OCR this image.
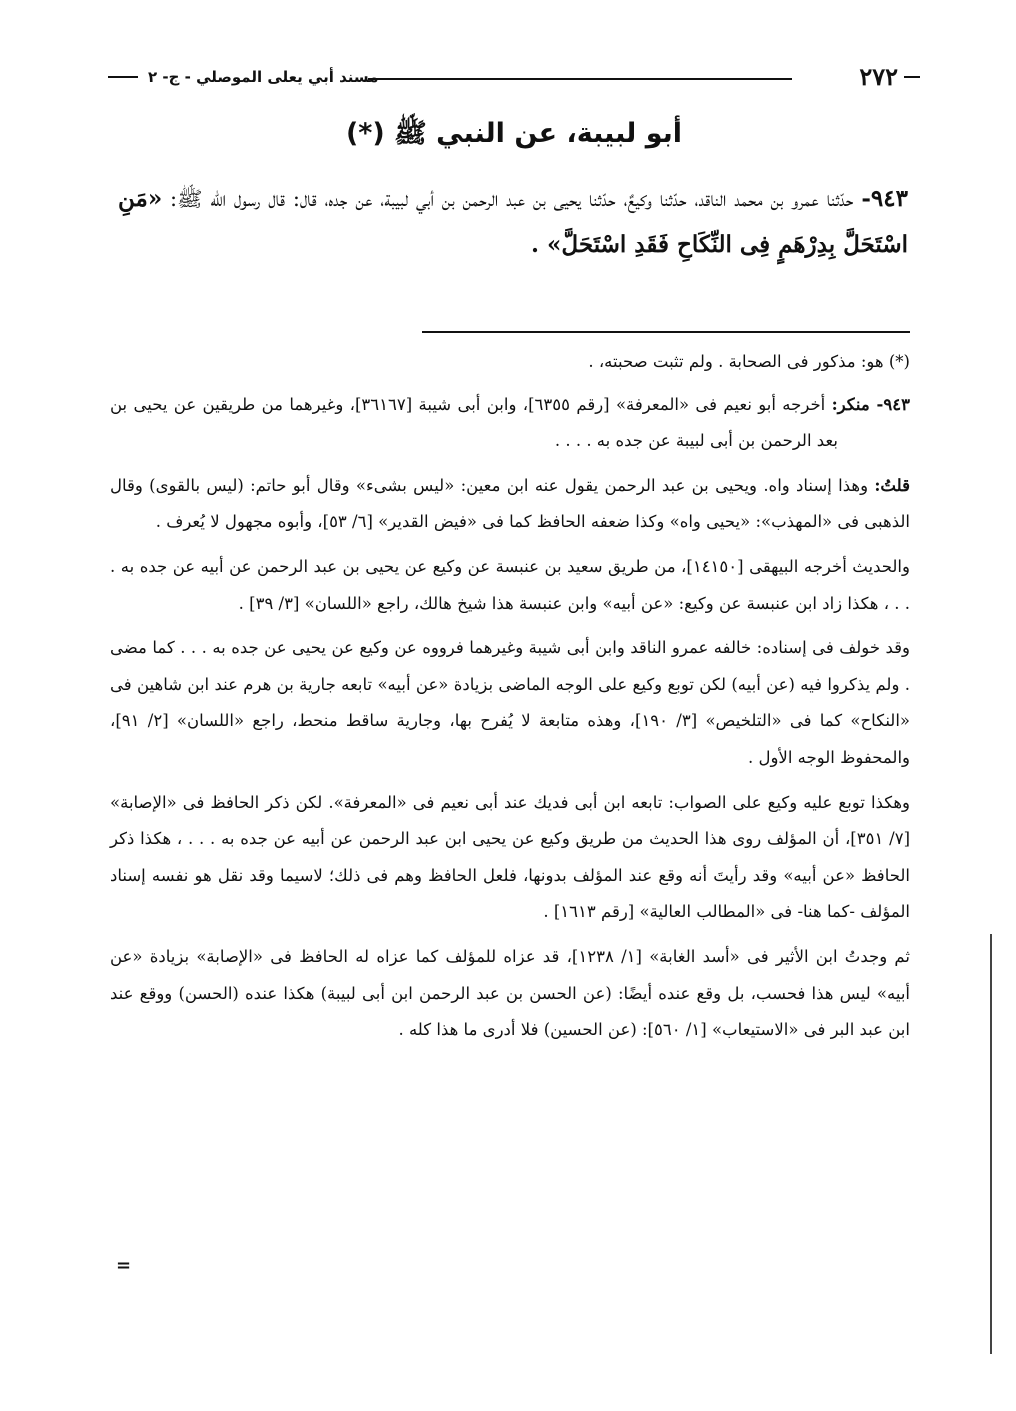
٢٧٢
مسند أبي يعلى الموصلي - ج- ٢
أبو لبيبة، عن النبي ﷺ (*)
٩٤٣- حدّثنا عمرو بن محمد الناقد، حدّثنا وكيعٌ، حدّثنا يحيى بن عبد الرحمن بن أبي لبيبة، عن جده، قال: قال رسول اللّه ﷺ: «مَنِ اسْتَحَلَّ بِدِرْهَمٍ فِى النِّكَاحِ فَقَدِ اسْتَحَلَّ» .

(*) هو: مذكور فى الصحابة . ولم تثبت صحبته، .

٩٤٣- منكر: أخرجه أبو نعيم فى «المعرفة» [رقم ٦٣٥٥]، وابن أبى شيبة [٣٦١٦٧]، وغيرهما من طريقين عن يحيى بن بعد الرحمن بن أبى لبيبة عن جده به . . . .

قلتُ: وهذا إسناد واه. ويحيى بن عبد الرحمن يقول عنه ابن معين: «ليس بشىء» وقال أبو حاتم: (ليس بالقوى) وقال الذهبى فى «المهذب»: «يحيى واه» وكذا ضعفه الحافظ كما فى «فيض القدير» [٦/ ٥٣]، وأبوه مجهول لا يُعرف .

والحديث أخرجه البيهقى [١٤١٥٠]، من طريق سعيد بن عنبسة عن وكيع عن يحيى بن عبد الرحمن عن أبيه عن جده به . . . ، هكذا زاد ابن عنبسة عن وكيع: «عن أبيه» وابن عنبسة هذا شيخ هالك، راجع «اللسان» [٣/ ٣٩] .

وقد خولف فى إسناده: خالفه عمرو الناقد وابن أبى شيبة وغيرهما فرووه عن وكيع عن يحيى عن جده به . . . كما مضى . ولم يذكروا فيه (عن أبيه) لكن توبع وكيع على الوجه الماضى بزيادة «عن أبيه» تابعه جارية بن هرم عند ابن شاهين فى «النكاح» كما فى «التلخيص» [٣/ ١٩٠]، وهذه متابعة لا يُفرح بها، وجارية ساقط منحط، راجع «اللسان» [٢/ ٩١]، والمحفوظ الوجه الأول .

وهكذا توبع عليه وكيع على الصواب: تابعه ابن أبى فديك عند أبى نعيم فى «المعرفة». لكن ذكر الحافظ فى «الإصابة» [٧/ ٣٥١]، أن المؤلف روى هذا الحديث من طريق وكيع عن يحيى ابن عبد الرحمن عن أبيه عن جده به . . . ، هكذا ذكر الحافظ «عن أبيه» وقد رأيتَ أنه وقع عند المؤلف بدونها، فلعل الحافظ وهم فى ذلك؛ لاسيما وقد نقل هو نفسه إسناد المؤلف -كما هنا- فى «المطالب العالية» [رقم ١٦١٣] .

ثم وجدتُ ابن الأثير فى «أسد الغابة» [١/ ١٢٣٨]، قد عزاه للمؤلف كما عزاه له الحافظ فى «الإصابة» بزيادة «عن أبيه» ليس هذا فحسب، بل وقع عنده أيضًا: (عن الحسن بن عبد الرحمن ابن أبى لبيبة) هكذا عنده (الحسن) ووقع عند ابن عبد البر فى «الاستيعاب» [١/ ٥٦٠]: (عن الحسين) فلا أدرى ما هذا كله .

=
